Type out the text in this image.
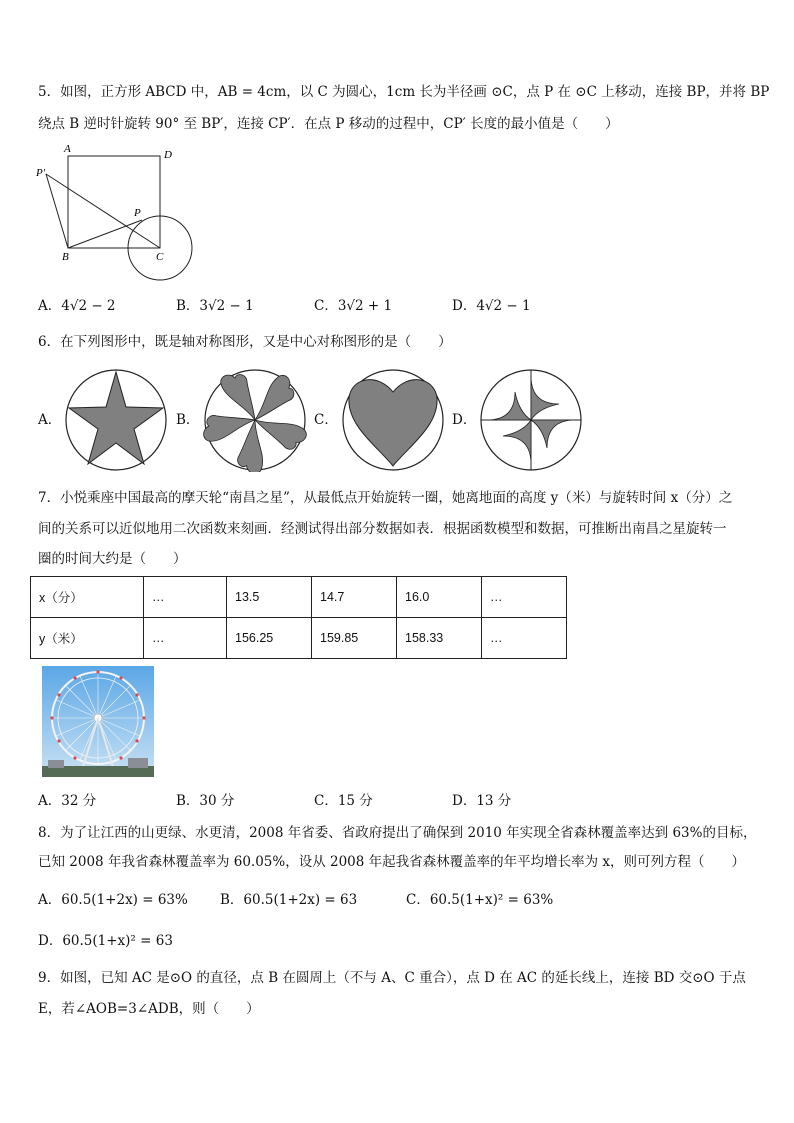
5．如图，正方形 ABCD 中，AB = 4cm，以 C 为圆心，1cm 长为半径画 ⊙C，点 P 在 ⊙C 上移动，连接 BP，并将 BP
绕点 B 逆时针旋转 90° 至 BP′，连接 CP′．在点 P 移动的过程中，CP′ 长度的最小值是（　　）
A	D
P′
P
B	C
A．4√2 − 2	B．3√2 − 1	C．3√2 + 1	D．4√2 − 1
6．在下列图形中，既是轴对称图形，又是中心对称图形的是（　　）
A．	B．	C．	D．
7．小悦乘座中国最高的摩天轮“南昌之星”，从最低点开始旋转一圈，她离地面的高度 y（米）与旋转时间 x（分）之
间的关系可以近似地用二次函数来刻画．经测试得出部分数据如表．根据函数模型和数据，可推断出南昌之星旋转一
圈的时间大约是（　　）
x（分）	…	13.5	14.7	16.0	…
y（米）	…	156.25	159.85	158.33	…
A．32 分	B．30 分	C．15 分	D．13 分
8．为了让江西的山更绿、水更清，2008 年省委、省政府提出了确保到 2010 年实现全省森林覆盖率达到 63%的目标，
已知 2008 年我省森林覆盖率为 60.05%，设从 2008 年起我省森林覆盖率的年平均增长率为 x，则可列方程（　　）
A．60.5(1+2x) = 63% B．60.5(1+2x) = 63	C．60.5(1+x)² = 63%
D．60.5(1+x)² = 63
9．如图，已知 AC 是⊙O 的直径，点 B 在圆周上（不与 A、C 重合），点 D 在 AC 的延长线上，连接 BD 交⊙O 于点
E，若∠AOB=3∠ADB，则（　　）
